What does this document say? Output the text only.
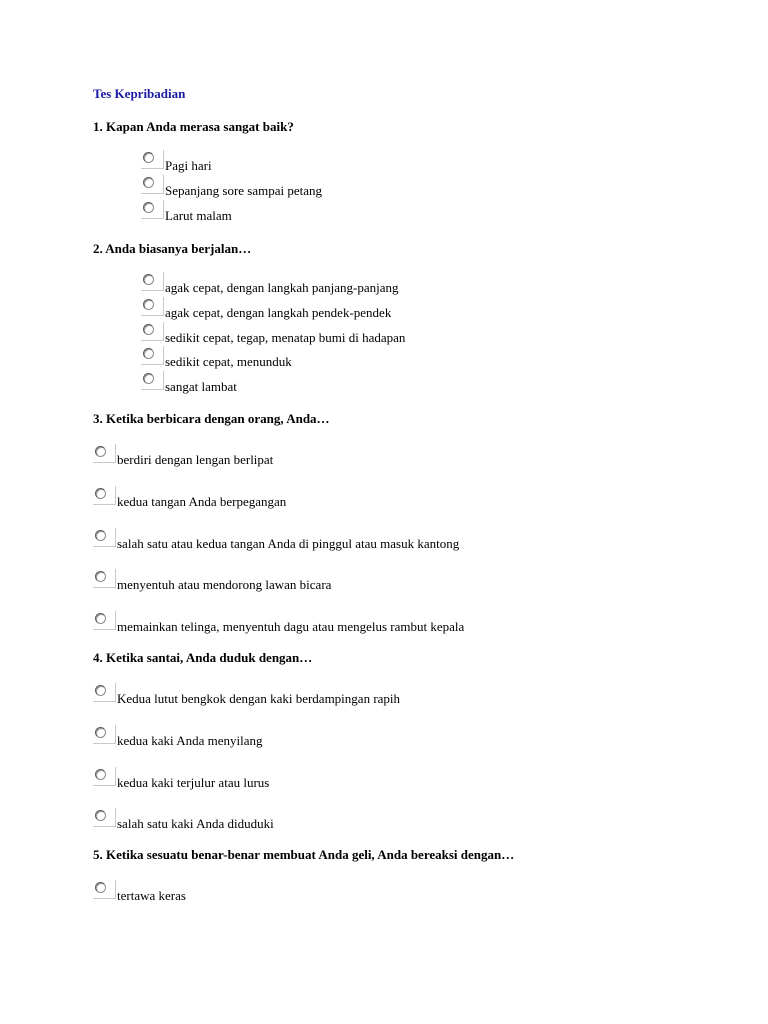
Tes Kepribadian
1. Kapan Anda merasa sangat baik?
Pagi hari
Sepanjang sore sampai petang
Larut malam
2. Anda biasanya berjalan…
agak cepat, dengan langkah panjang-panjang
agak cepat, dengan langkah pendek-pendek
sedikit cepat, tegap, menatap bumi di hadapan
sedikit cepat, menunduk
sangat lambat
3. Ketika berbicara dengan orang, Anda…
berdiri dengan lengan berlipat
kedua tangan Anda berpegangan
salah satu atau kedua tangan Anda di pinggul atau masuk kantong
menyentuh atau mendorong lawan bicara
memainkan telinga, menyentuh dagu atau mengelus rambut kepala
4. Ketika santai, Anda duduk dengan…
Kedua lutut bengkok dengan kaki berdampingan rapih
kedua kaki Anda menyilang
kedua kaki terjulur atau lurus
salah satu kaki Anda diduduki
5. Ketika sesuatu benar-benar membuat Anda geli, Anda bereaksi dengan…
tertawa keras
